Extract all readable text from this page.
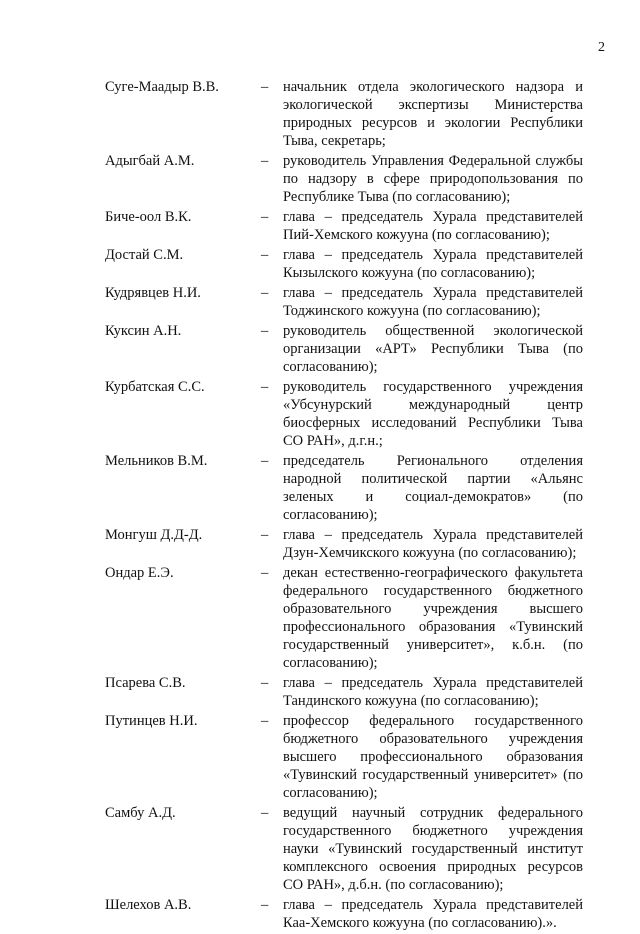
2
Суге-Маадыр В.В.	–	начальник отдела экологического надзора и экологической экспертизы Министерства природных ресурсов и экологии Республики Тыва, секретарь;
Адыгбай А.М.	–	руководитель Управления Федеральной службы по надзору в сфере природопользования по Республике Тыва (по согласованию);
Биче-оол В.К.	–	глава – председатель Хурала представителей Пий-Хемского кожууна (по согласованию);
Достай С.М.	–	глава – председатель Хурала представителей Кызылского кожууна (по согласованию);
Кудрявцев Н.И.	–	глава – председатель Хурала представителей Тоджинского кожууна (по согласованию);
Куксин А.Н.	–	руководитель общественной экологической организации «АРТ» Республики Тыва (по согласованию);
Курбатская С.С.	–	руководитель государственного учреждения «Убсунурский международный центр биосферных исследований Республики Тыва СО РАН», д.г.н.;
Мельников В.М.	–	председатель Регионального отделения народной политической партии «Альянс зеленых и социал-демократов» (по согласованию);
Монгуш Д.Д-Д.	–	глава – председатель Хурала представителей Дзун-Хемчикского кожууна (по согласованию);
Ондар Е.Э.	–	декан естественно-географического факультета федерального государственного бюджетного образовательного учреждения высшего профессионального образования «Тувинский государственный университет», к.б.н. (по согласованию);
Псарева С.В.	–	глава – председатель Хурала представителей Тандинского кожууна (по согласованию);
Путинцев Н.И.	–	профессор федерального государственного бюджетного образовательного учреждения высшего профессионального образования «Тувинский государственный университет» (по согласованию);
Самбу А.Д.	–	ведущий научный сотрудник федерального государственного бюджетного учреждения науки «Тувинский государственный институт комплексного освоения природных ресурсов СО РАН», д.б.н. (по согласованию);
Шелехов А.В.	–	глава – председатель Хурала представителей Каа-Хемского кожууна (по согласованию).».
